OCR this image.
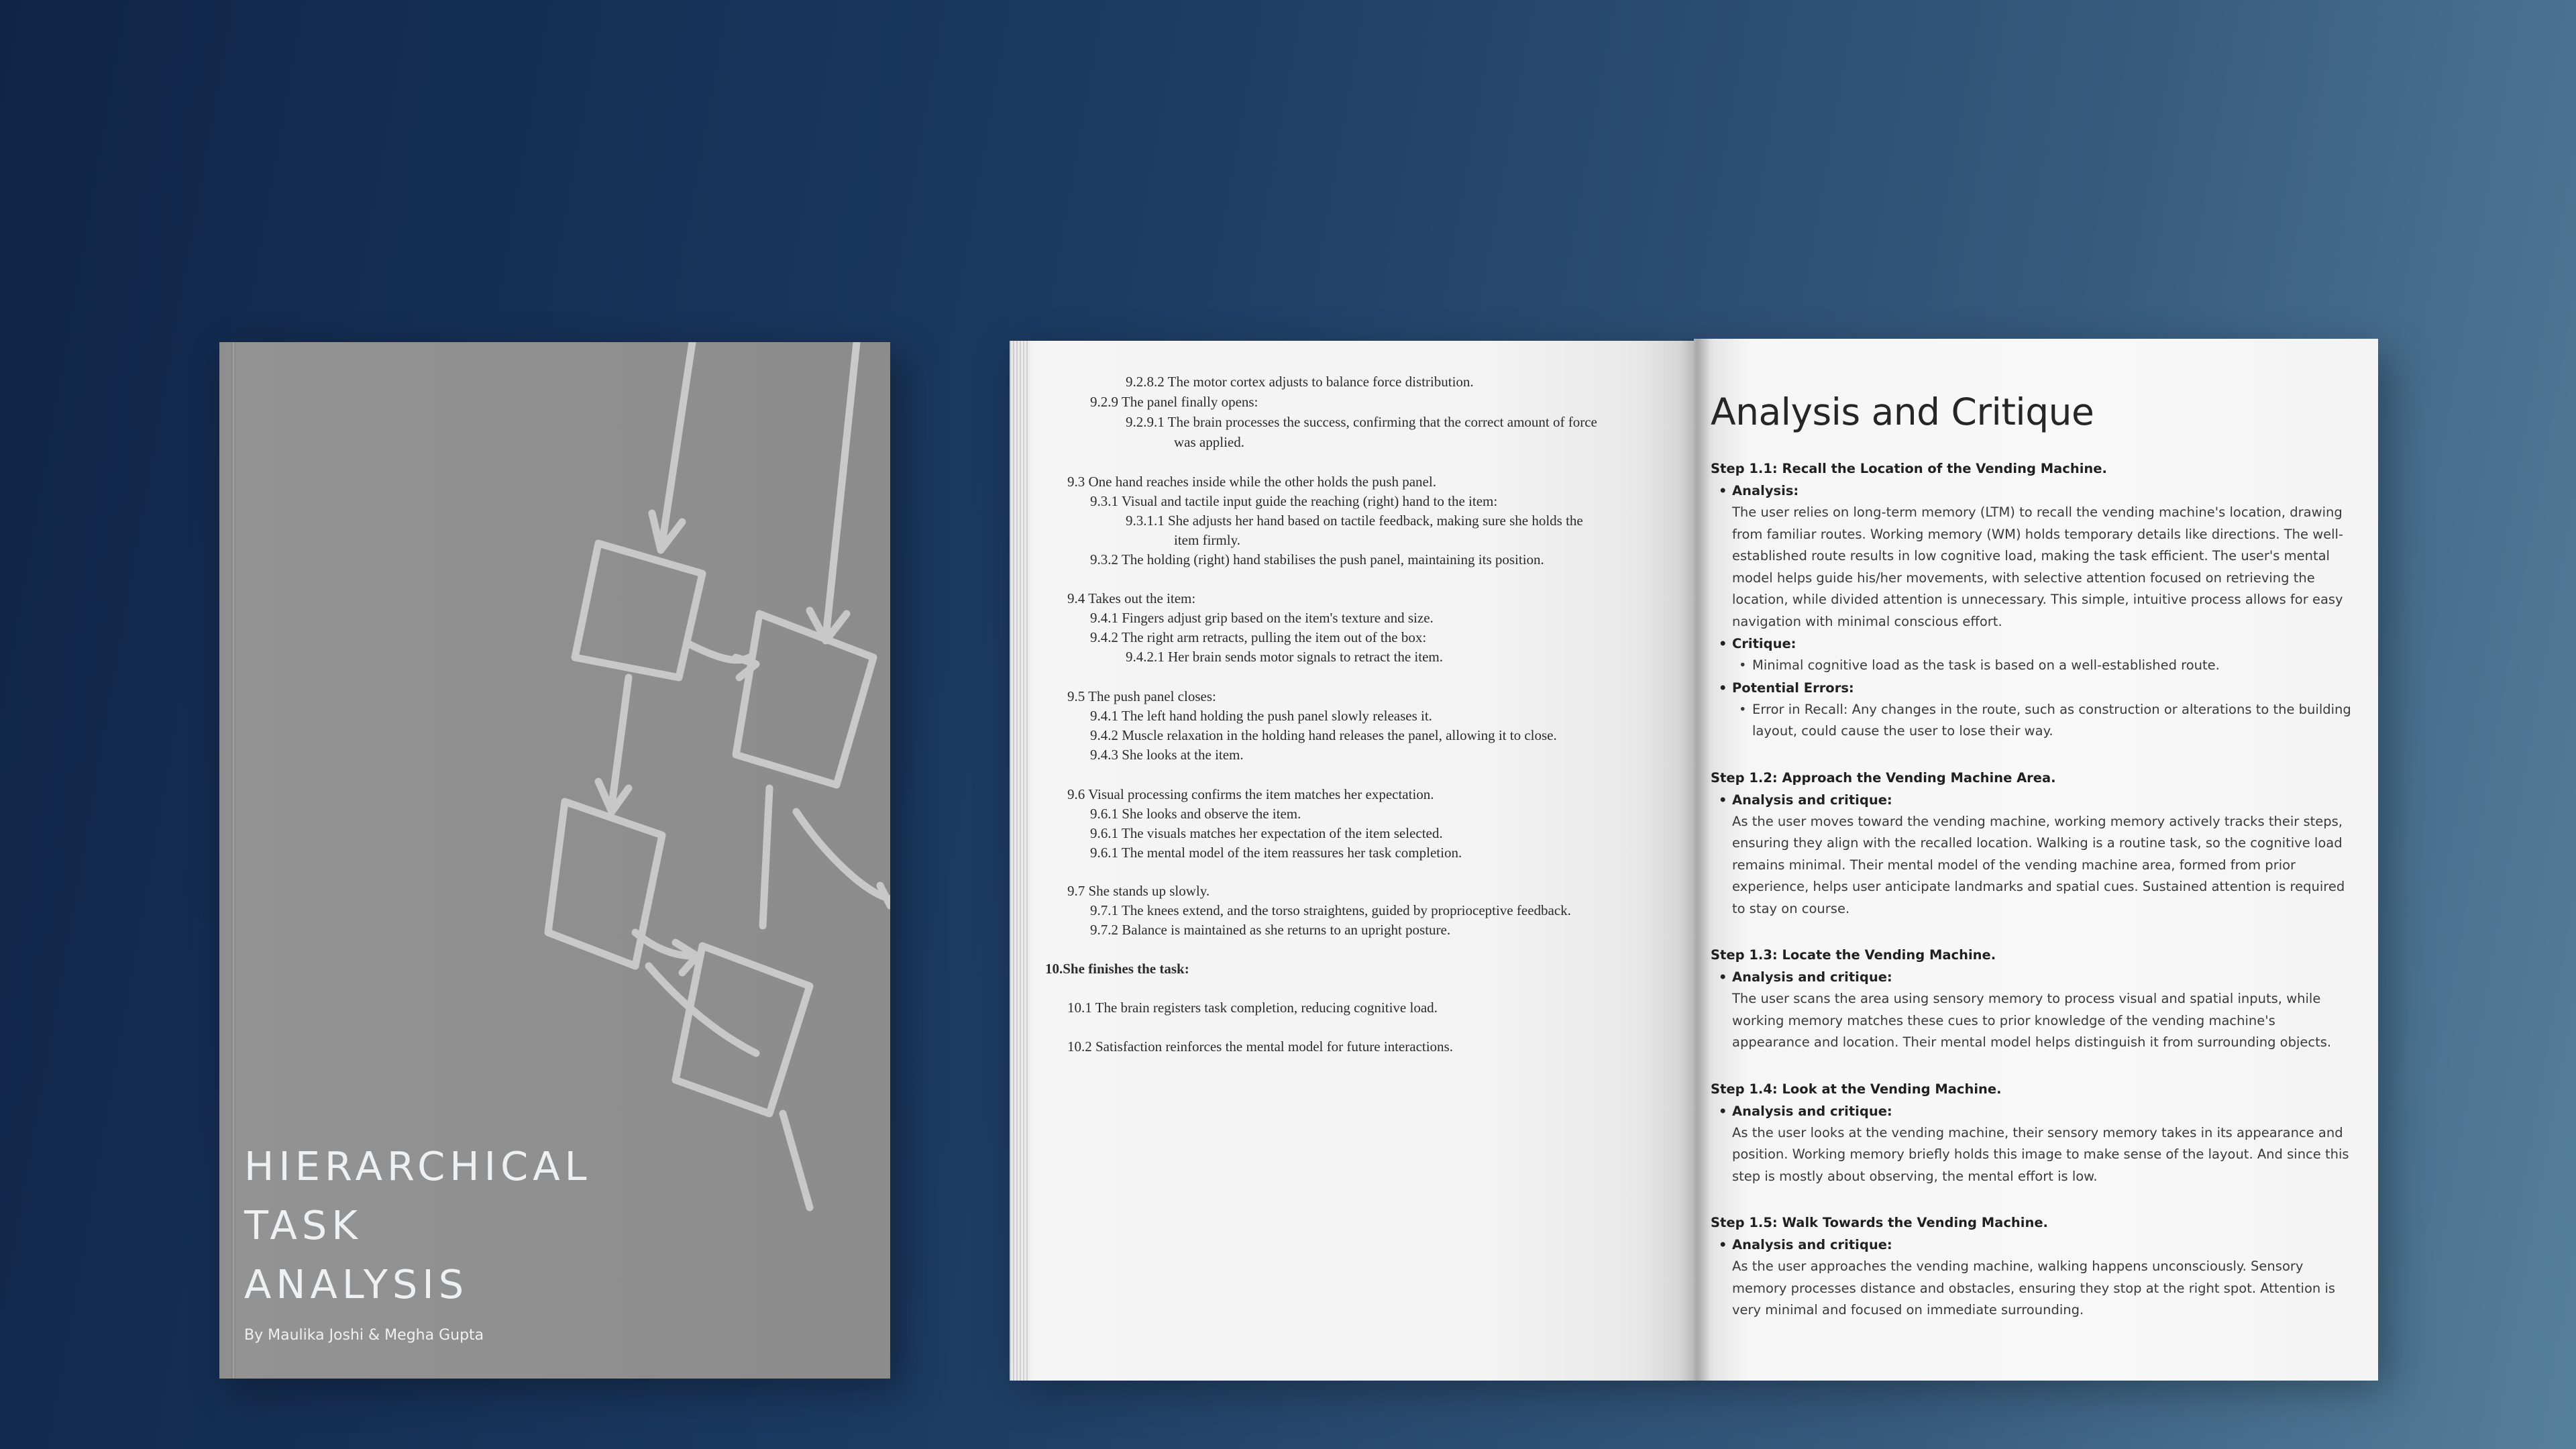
HIERARCHICAL
TASK
ANALYSIS
By Maulika Joshi & Megha Gupta
9.2.8.2 The motor cortex adjusts to balance force distribution.
9.2.9 The panel finally opens:
9.2.9.1 The brain processes the success, confirming that the correct amount of force
was applied.
9.3 One hand reaches inside while the other holds the push panel.
9.3.1 Visual and tactile input guide the reaching (right) hand to the item:
9.3.1.1 She adjusts her hand based on tactile feedback, making sure she holds the
item firmly.
9.3.2 The holding (right) hand stabilises the push panel, maintaining its position.
9.4 Takes out the item:
9.4.1 Fingers adjust grip based on the item's texture and size.
9.4.2 The right arm retracts, pulling the item out of the box:
9.4.2.1 Her brain sends motor signals to retract the item.
9.5 The push panel closes:
9.4.1 The left hand holding the push panel slowly releases it.
9.4.2 Muscle relaxation in the holding hand releases the panel, allowing it to close.
9.4.3 She looks at the item.
9.6 Visual processing confirms the item matches her expectation.
9.6.1 She looks and observe the item.
9.6.1 The visuals matches her expectation of the item selected.
9.6.1 The mental model of the item reassures her task completion.
9.7 She stands up slowly.
9.7.1 The knees extend, and the torso straightens, guided by proprioceptive feedback.
9.7.2 Balance is maintained as she returns to an upright posture.
10.She finishes the task:
10.1 The brain registers task completion, reducing cognitive load.
10.2 Satisfaction reinforces the mental model for future interactions.
Analysis and Critique
Step 1.1: Recall the Location of the Vending Machine.
• Analysis:
The user relies on long-term memory (LTM) to recall the vending machine's location, drawing from familiar routes. Working memory (WM) holds temporary details like directions. The well-established route results in low cognitive load, making the task efficient. The user's mental model helps guide his/her movements, with selective attention focused on retrieving the location, while divided attention is unnecessary. This simple, intuitive process allows for easy navigation with minimal conscious effort.
• Critique:
• Minimal cognitive load as the task is based on a well-established route.
• Potential Errors:
• Error in Recall: Any changes in the route, such as construction or alterations to the building layout, could cause the user to lose their way.
Step 1.2: Approach the Vending Machine Area.
• Analysis and critique:
As the user moves toward the vending machine, working memory actively tracks their steps, ensuring they align with the recalled location. Walking is a routine task, so the cognitive load remains minimal. Their mental model of the vending machine area, formed from prior experience, helps user anticipate landmarks and spatial cues. Sustained attention is required to stay on course.
Step 1.3: Locate the Vending Machine.
• Analysis and critique:
The user scans the area using sensory memory to process visual and spatial inputs, while working memory matches these cues to prior knowledge of the vending machine's appearance and location. Their mental model helps distinguish it from surrounding objects.
Step 1.4: Look at the Vending Machine.
• Analysis and critique:
As the user looks at the vending machine, their sensory memory takes in its appearance and position. Working memory briefly holds this image to make sense of the layout. And since this step is mostly about observing, the mental effort is low.
Step 1.5: Walk Towards the Vending Machine.
• Analysis and critique:
As the user approaches the vending machine, walking happens unconsciously. Sensory memory processes distance and obstacles, ensuring they stop at the right spot. Attention is very minimal and focused on immediate surrounding.
